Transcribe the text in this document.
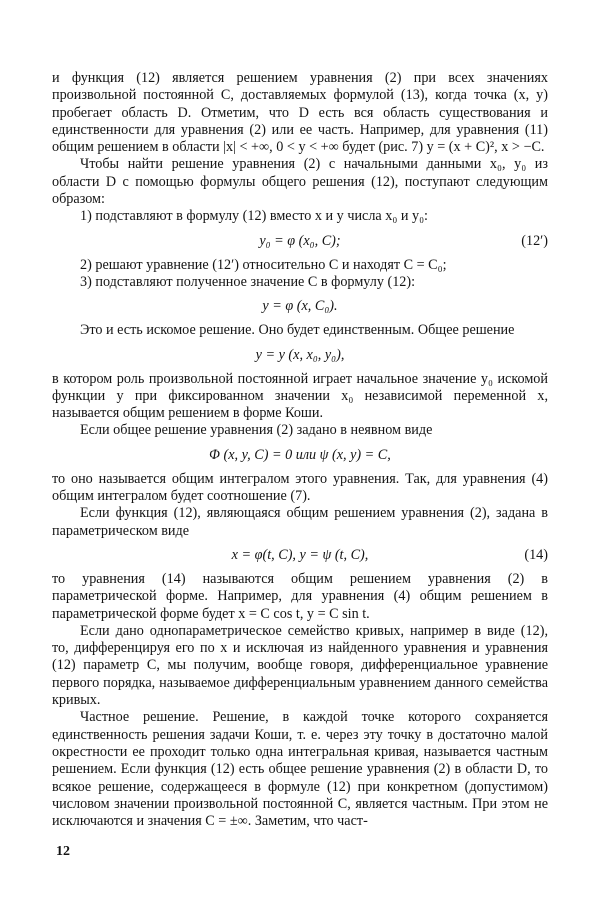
и функция (12) является решением уравнения (2) при всех значениях произвольной постоянной C, доставляемых формулой (13), когда точка (x, y) пробегает область D. Отметим, что D есть вся область существования и единственности для уравнения (2) или ее часть. Например, для уравнения (11) общим решением в области |x| < +∞, 0 < y < +∞ будет (рис. 7) y = (x + C)², x > −C.

Чтобы найти решение уравнения (2) с начальными данными x₀, y₀ из области D с помощью формулы общего решения (12), поступают следующим образом:

1) подставляют в формулу (12) вместо x и y числа x₀ и y₀:

y₀ = φ (x₀, C);	(12′)

2) решают уравнение (12′) относительно C и находят C = C₀;

3) подставляют полученное значение C в формулу (12):

y = φ (x, C₀).

Это и есть искомое решение. Оно будет единственным. Общее решение

y = y (x, x₀, y₀),

в котором роль произвольной постоянной играет начальное значение y₀ искомой функции y при фиксированном значении x₀ независимой переменной x, называется общим решением в форме Коши.

Если общее решение уравнения (2) задано в неявном виде

Φ (x, y, C) = 0 или ψ (x, y) = C,

то оно называется общим интегралом этого уравнения. Так, для уравнения (4) общим интегралом будет соотношение (7).

Если функция (12), являющаяся общим решением уравнения (2), задана в параметрическом виде

x = φ(t, C), y = ψ (t, C),	(14)

то уравнения (14) называются общим решением уравнения (2) в параметрической форме. Например, для уравнения (4) общим решением в параметрической форме будет x = C cos t, y = C sin t.

Если дано однопараметрическое семейство кривых, например в виде (12), то, дифференцируя его по x и исключая из найденного уравнения и уравнения (12) параметр C, мы получим, вообще говоря, дифференциальное уравнение первого порядка, называемое дифференциальным уравнением данного семейства кривых.

Частное решение. Решение, в каждой точке которого сохраняется единственность решения задачи Коши, т. е. через эту точку в достаточно малой окрестности ее проходит только одна интегральная кривая, называется частным решением. Если функция (12) есть общее решение уравнения (2) в области D, то всякое решение, содержащееся в формуле (12) при конкретном (допустимом) числовом значении произвольной постоянной C, является частным. При этом не исключаются и значения C = ±∞. Заметим, что част-

12
